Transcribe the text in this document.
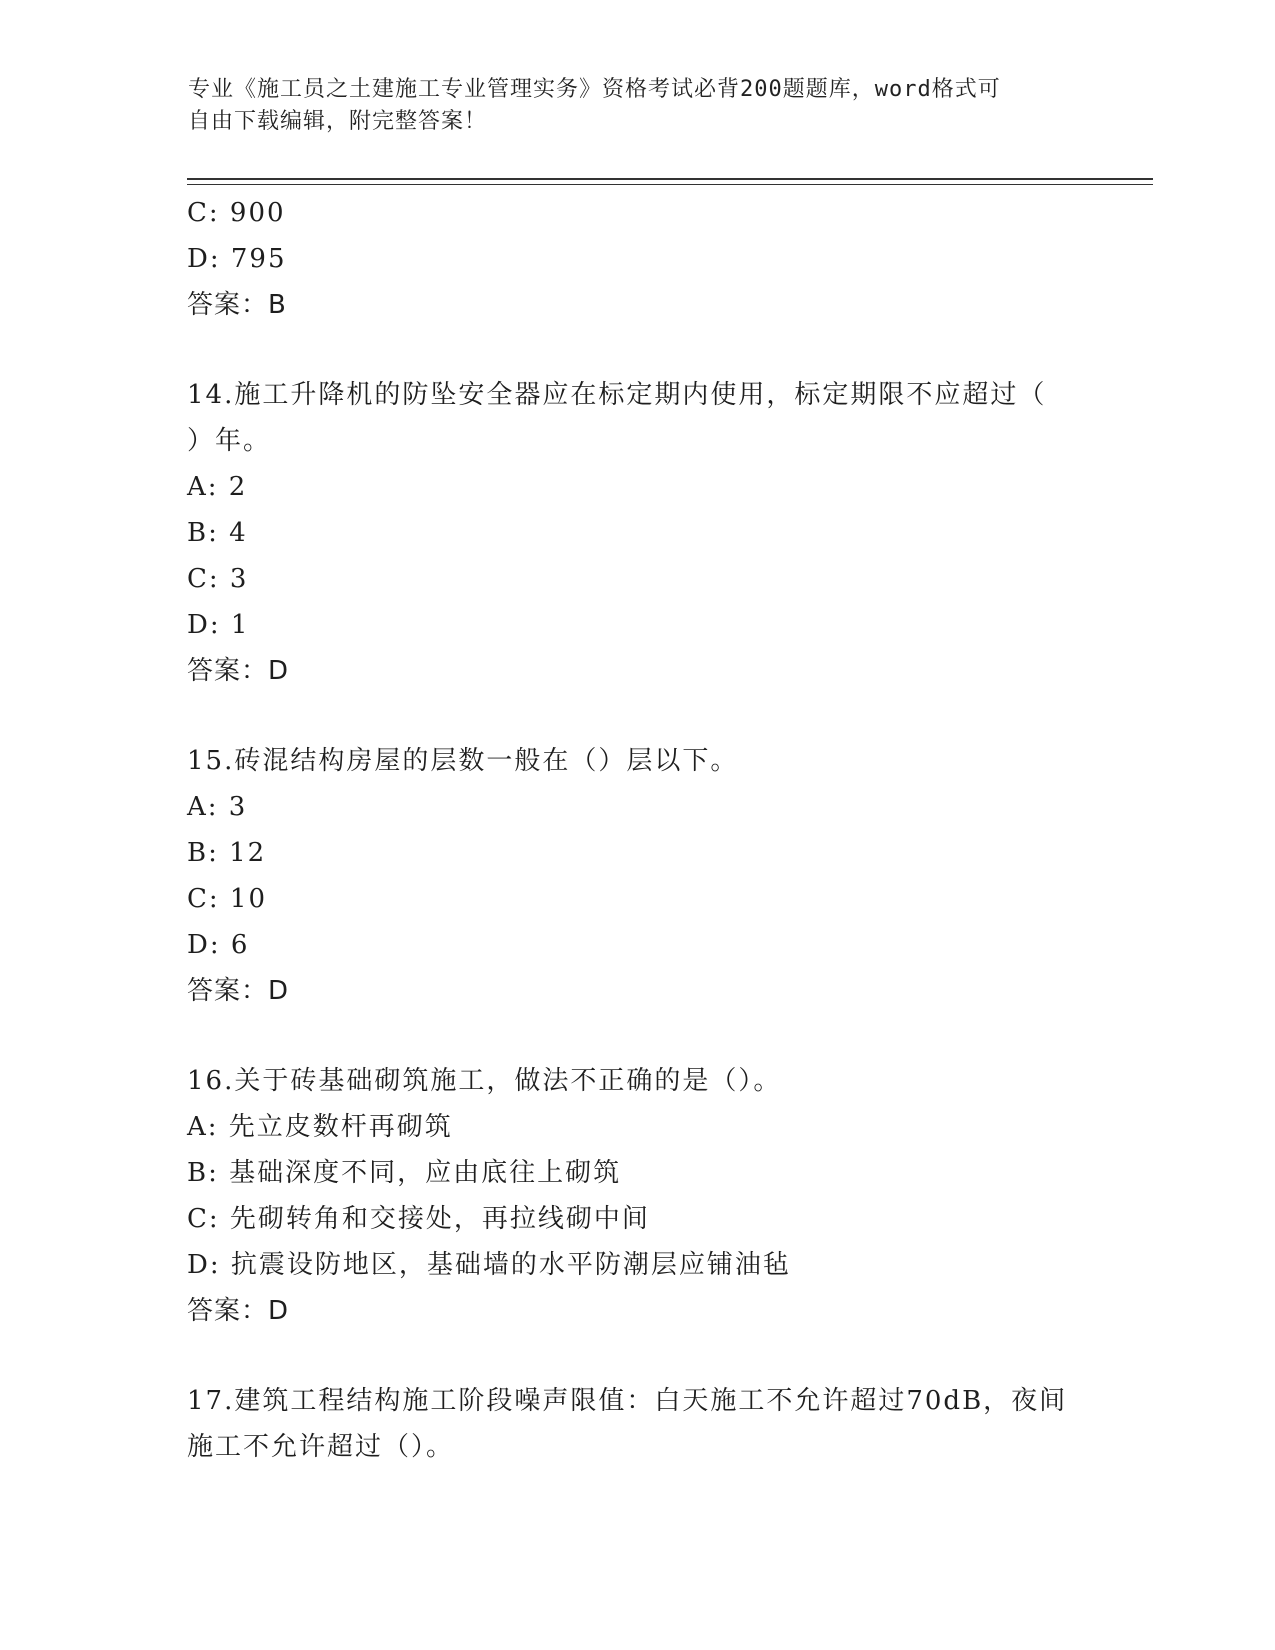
专业《施工员之土建施工专业管理实务》资格考试必背200题题库，word格式可
自由下载编辑，附完整答案！
C: 900
D: 795
答案：B
14.施工升降机的防坠安全器应在标定期内使用，标定期限不应超过（
）年。
A: 2
B: 4
C: 3
D: 1
答案：D
15.砖混结构房屋的层数一般在（）层以下。
A: 3
B: 12
C: 10
D: 6
答案：D
16.关于砖基础砌筑施工，做法不正确的是（）。
A: 先立皮数杆再砌筑
B: 基础深度不同，应由底往上砌筑
C: 先砌转角和交接处，再拉线砌中间
D: 抗震设防地区，基础墙的水平防潮层应铺油毡
答案：D
17.建筑工程结构施工阶段噪声限值：白天施工不允许超过70dB，夜间
施工不允许超过（）。
